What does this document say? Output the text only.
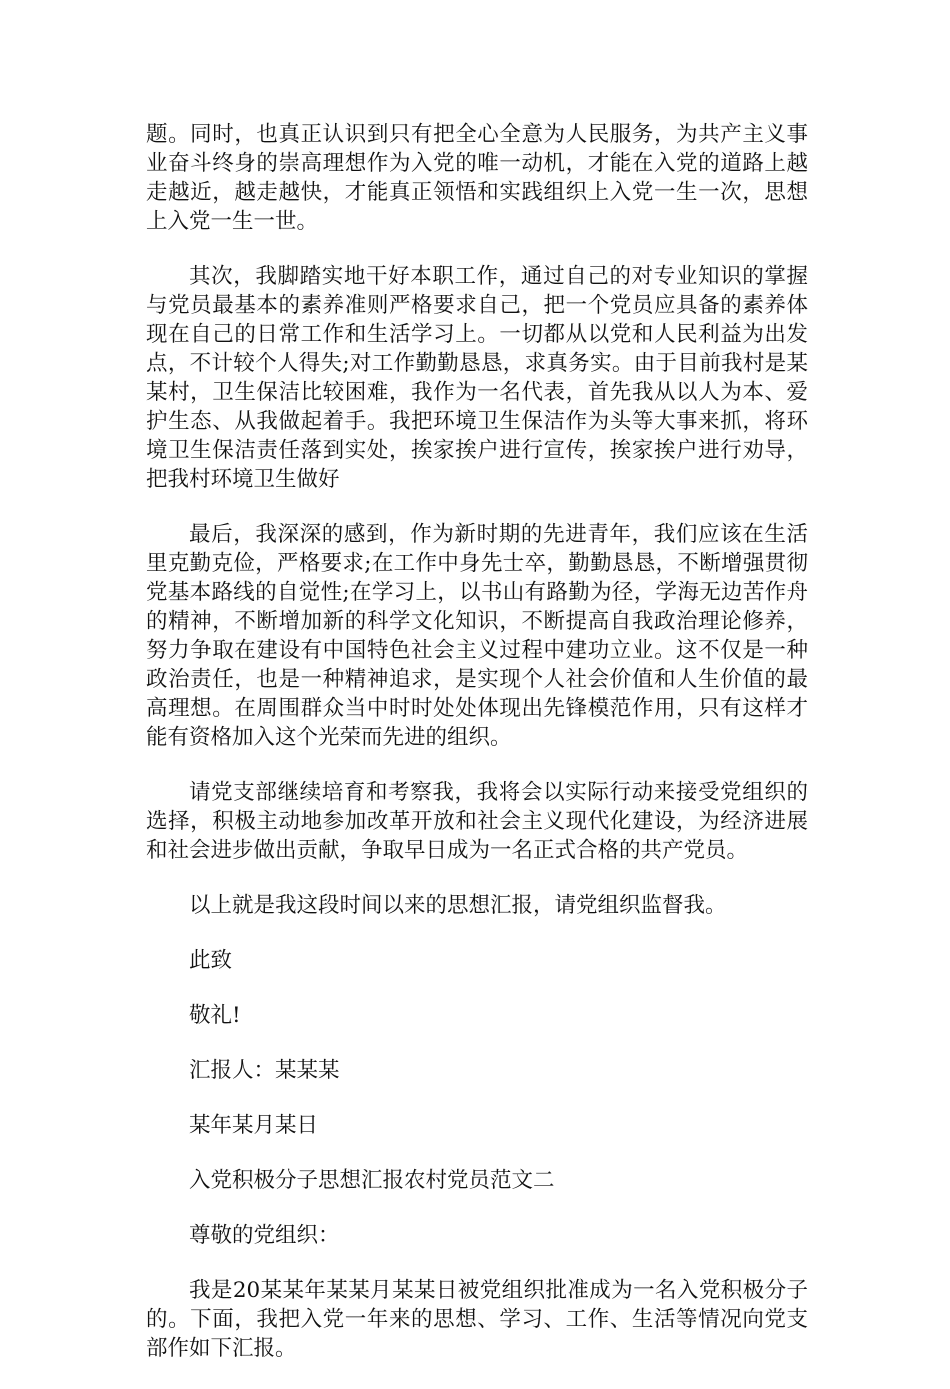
题。同时，也真正认识到只有把全心全意为人民服务，为共产主义事业奋斗终身的崇高理想作为入党的唯一动机，才能在入党的道路上越走越近，越走越快，才能真正领悟和实践组织上入党一生一次，思想上入党一生一世。

其次，我脚踏实地干好本职工作，通过自己的对专业知识的掌握与党员最基本的素养准则严格要求自己，把一个党员应具备的素养体现在自己的日常工作和生活学习上。一切都从以党和人民利益为出发点，不计较个人得失;对工作勤勤恳恳，求真务实。由于目前我村是某某村，卫生保洁比较困难，我作为一名代表，首先我从以人为本、爱护生态、从我做起着手。我把环境卫生保洁作为头等大事来抓，将环境卫生保洁责任落到实处，挨家挨户进行宣传，挨家挨户进行劝导，把我村环境卫生做好

最后，我深深的感到，作为新时期的先进青年，我们应该在生活里克勤克俭，严格要求;在工作中身先士卒，勤勤恳恳，不断增强贯彻党基本路线的自觉性;在学习上，以书山有路勤为径，学海无边苦作舟的精神，不断增加新的科学文化知识，不断提高自我政治理论修养，努力争取在建设有中国特色社会主义过程中建功立业。这不仅是一种政治责任，也是一种精神追求，是实现个人社会价值和人生价值的最高理想。在周围群众当中时时处处体现出先锋模范作用，只有这样才能有资格加入这个光荣而先进的组织。

请党支部继续培育和考察我，我将会以实际行动来接受党组织的选择，积极主动地参加改革开放和社会主义现代化建设，为经济进展和社会进步做出贡献，争取早日成为一名正式合格的共产党员。

以上就是我这段时间以来的思想汇报，请党组织监督我。

此致

敬礼!

汇报人：某某某

某年某月某日

入党积极分子思想汇报农村党员范文二

尊敬的党组织：

我是20某某年某某月某某日被党组织批准成为一名入党积极分子的。下面，我把入党一年来的思想、学习、工作、生活等情况向党支部作如下汇报。
